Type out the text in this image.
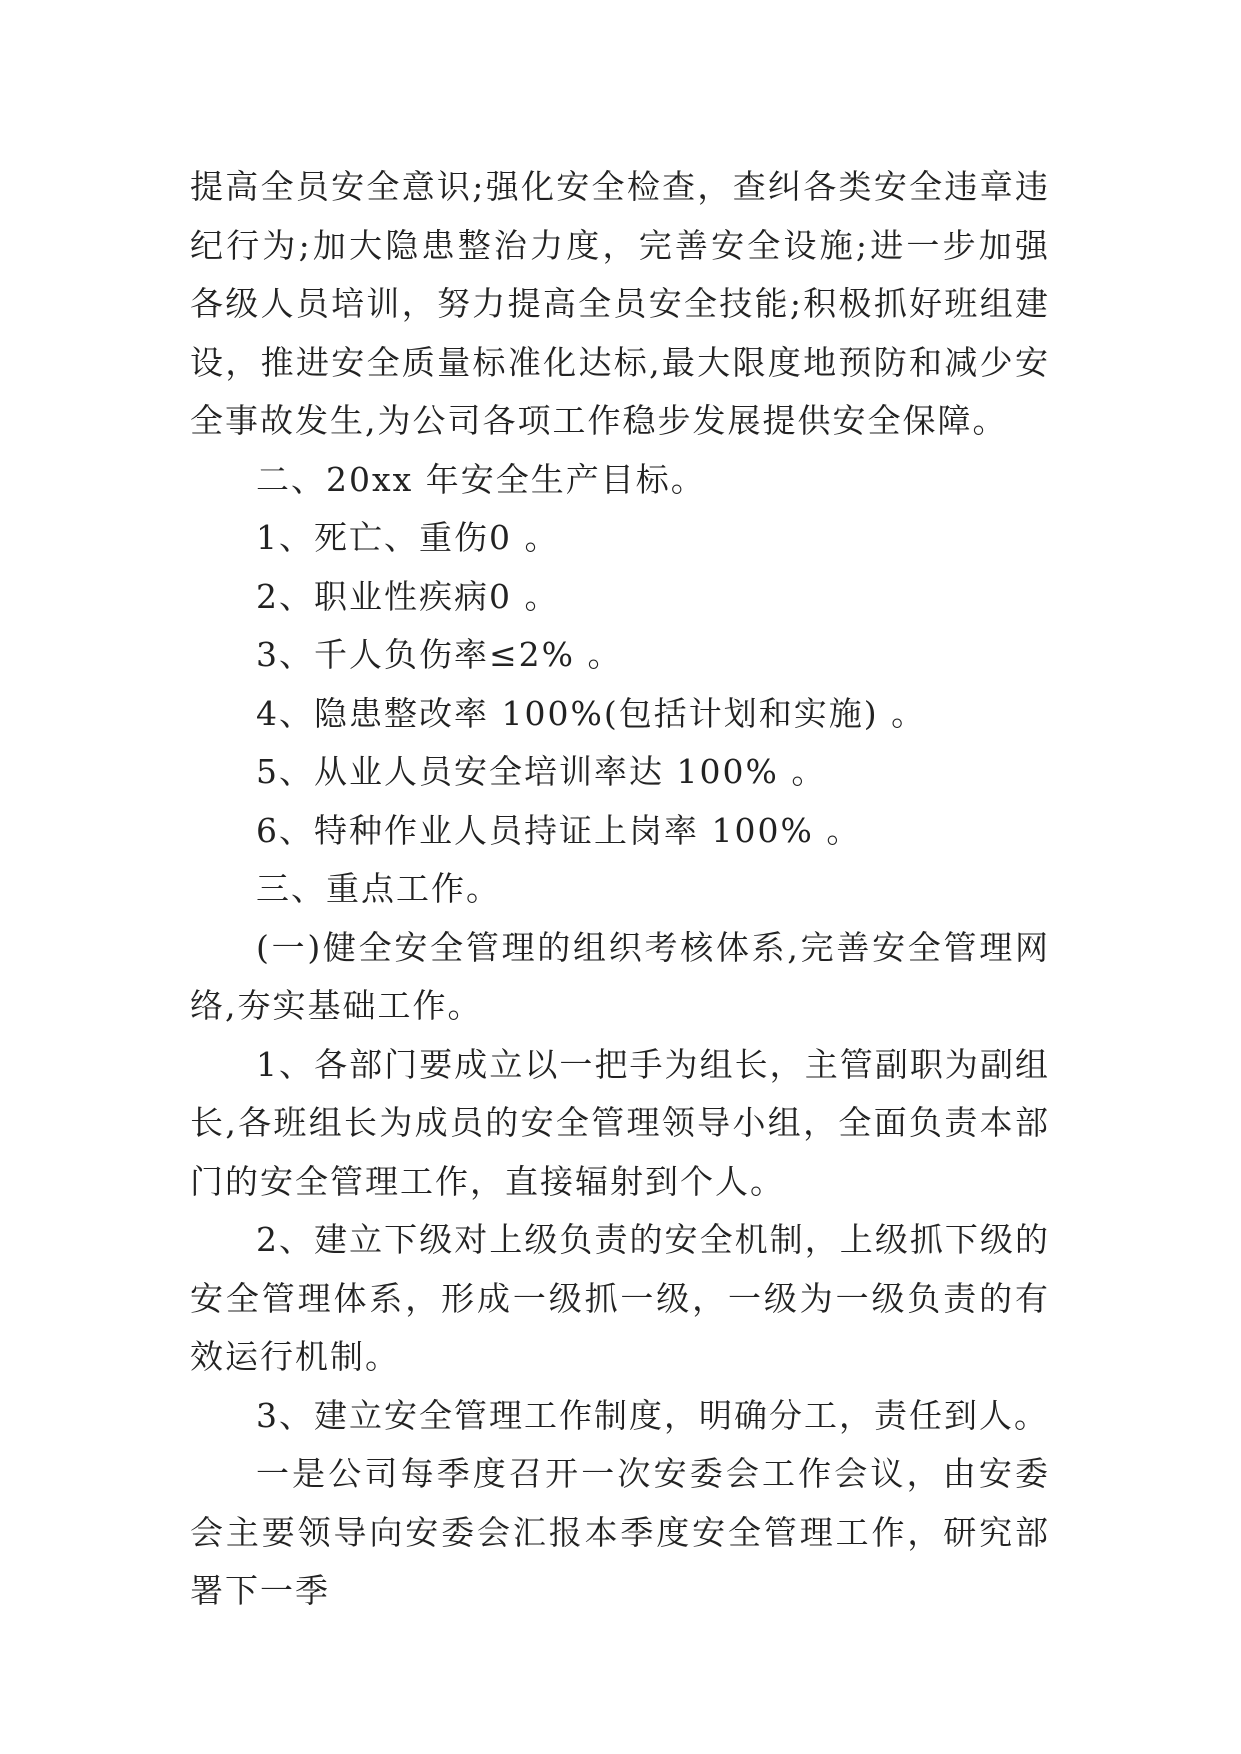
提高全员安全意识;强化安全检查，查纠各类安全违章违纪行为;加大隐患整治力度，完善安全设施;进一步加强各级人员培训，努力提高全员安全技能;积极抓好班组建设，推进安全质量标准化达标,最大限度地预防和减少安全事故发生,为公司各项工作稳步发展提供安全保障。

二、20xx 年安全生产目标。

1、死亡、重伤0 。

2、职业性疾病0 。

3、千人负伤率≤2% 。

4、隐患整改率 100%(包括计划和实施) 。

5、从业人员安全培训率达 100% 。

6、特种作业人员持证上岗率 100% 。

三、重点工作。

(一)健全安全管理的组织考核体系,完善安全管理网络,夯实基础工作。

1、各部门要成立以一把手为组长，主管副职为副组长,各班组长为成员的安全管理领导小组，全面负责本部门的安全管理工作，直接辐射到个人。

2、建立下级对上级负责的安全机制，上级抓下级的安全管理体系，形成一级抓一级，一级为一级负责的有效运行机制。

3、建立安全管理工作制度，明确分工，责任到人。

一是公司每季度召开一次安委会工作会议，由安委会主要领导向安委会汇报本季度安全管理工作，研究部署下一季
